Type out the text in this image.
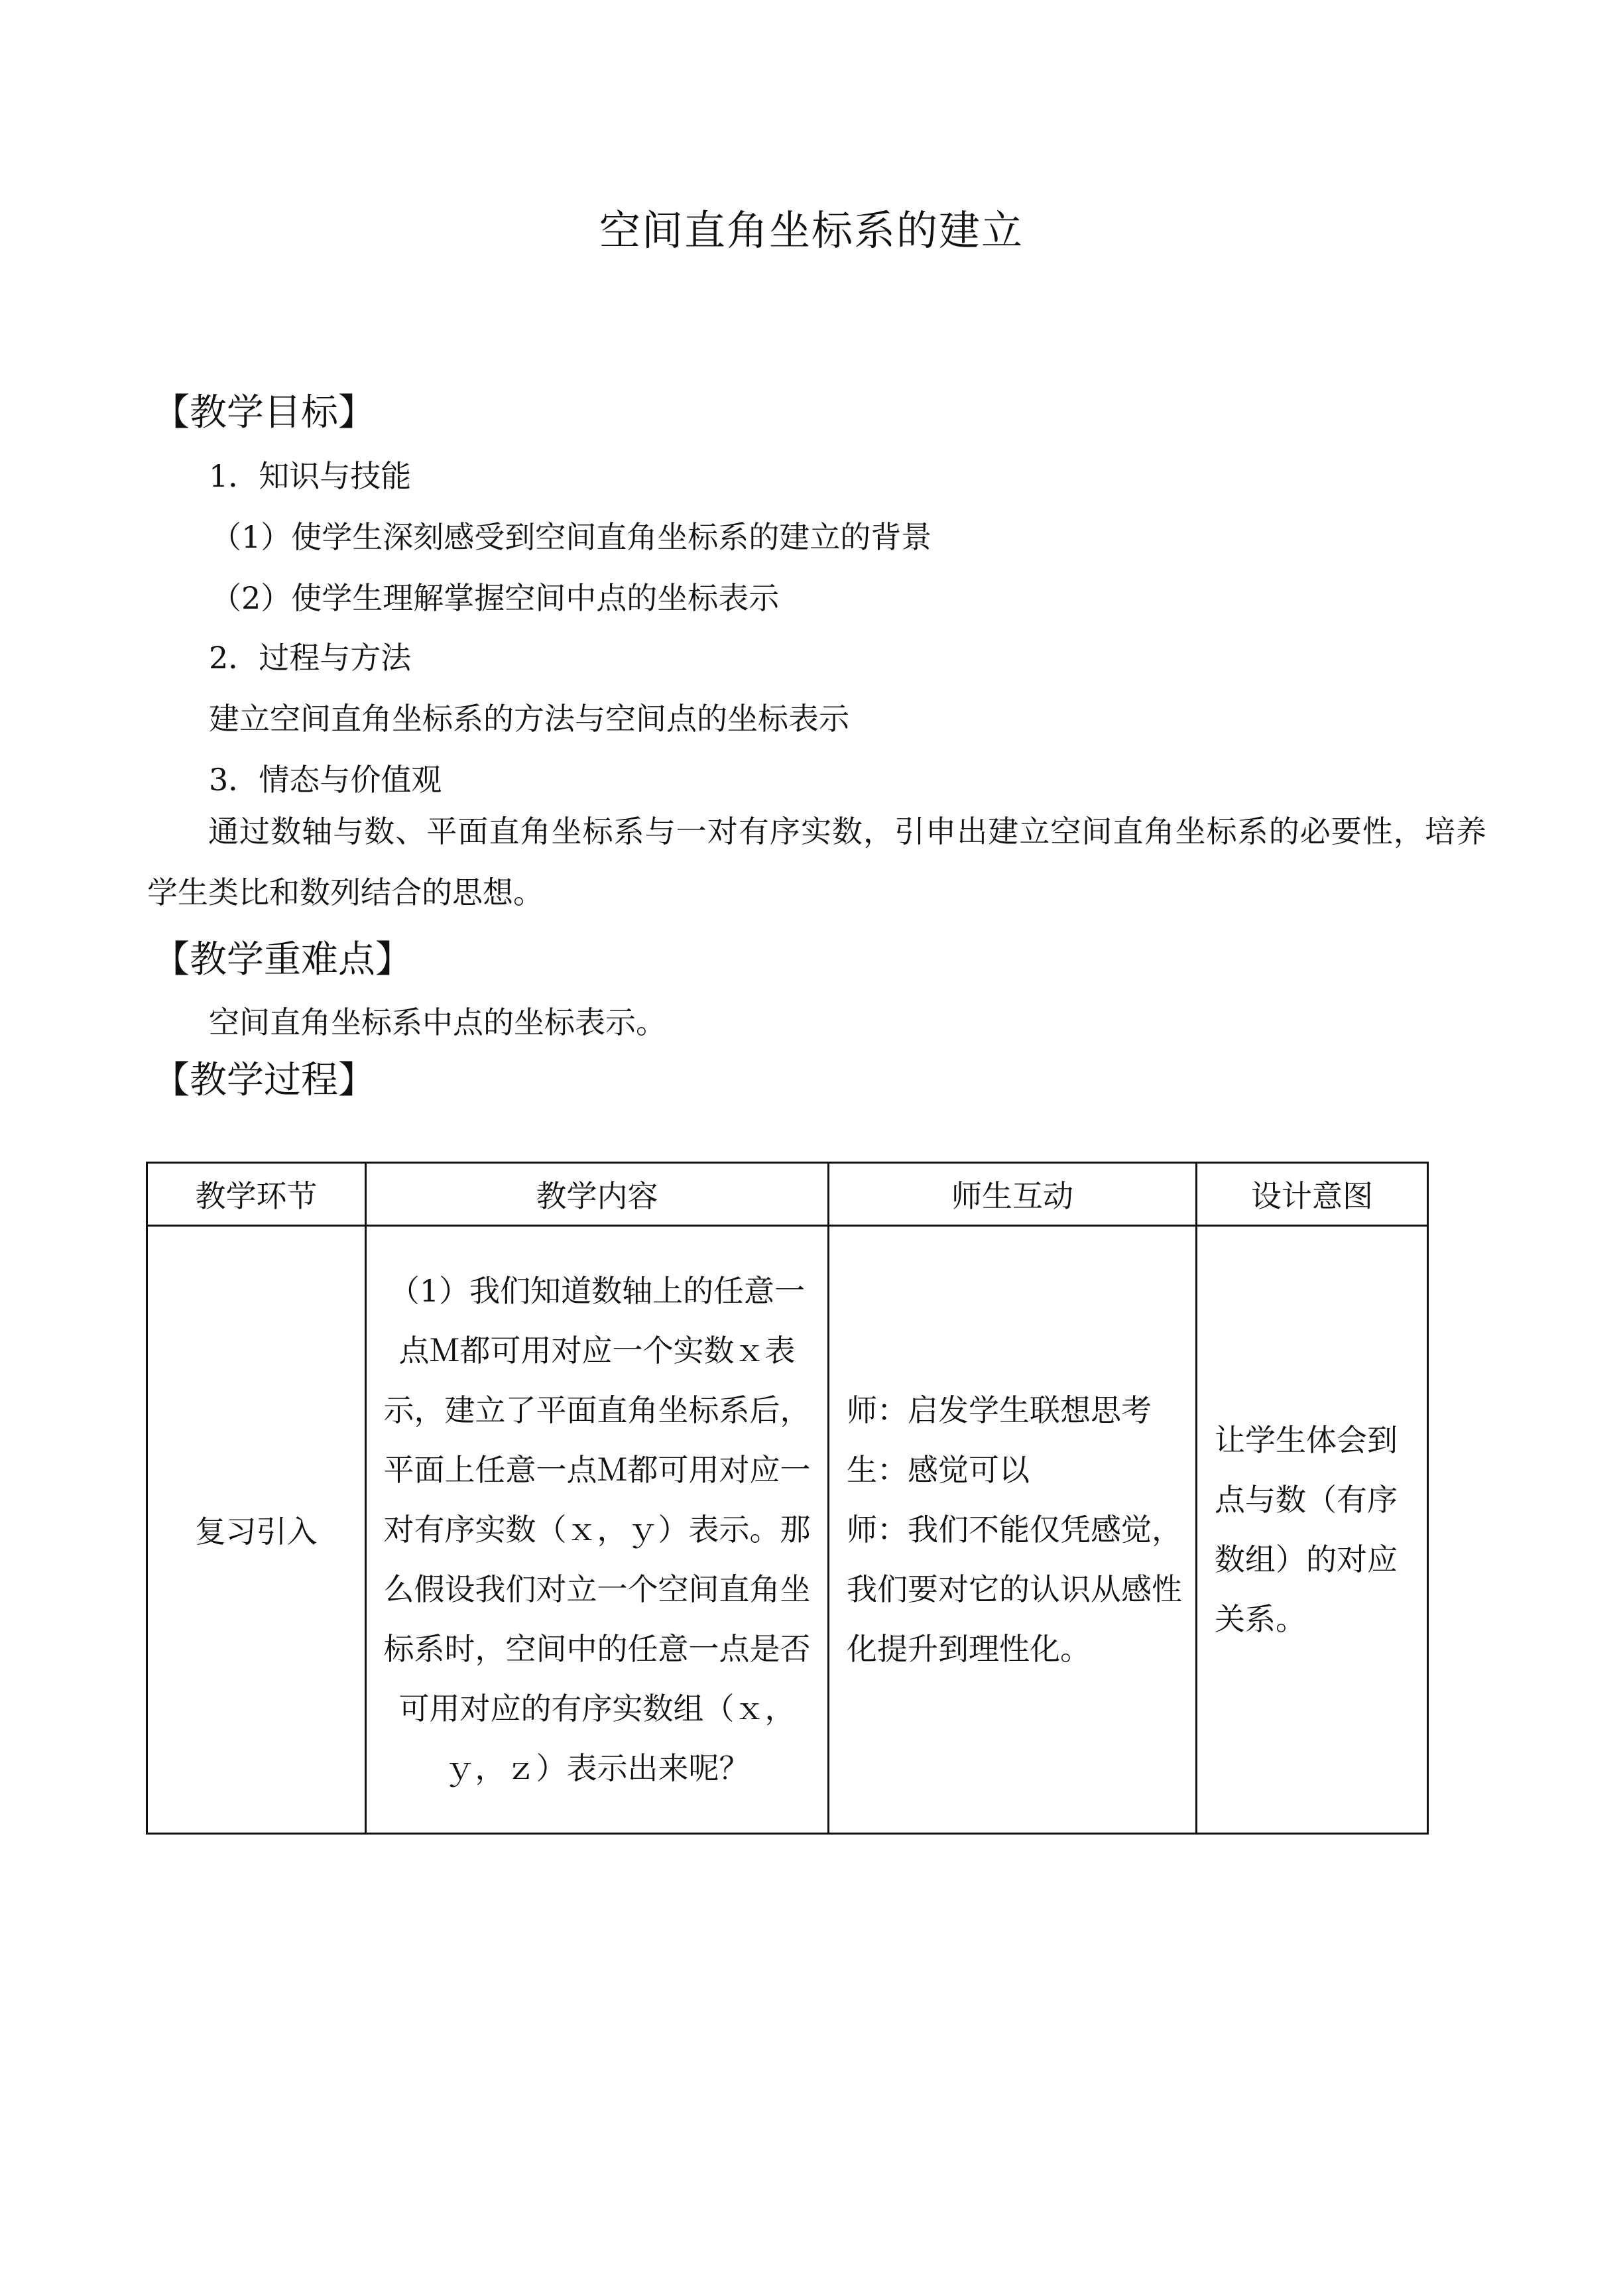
空间直角坐标系的建立
【教学目标】
1．知识与技能
（1）使学生深刻感受到空间直角坐标系的建立的背景
（2）使学生理解掌握空间中点的坐标表示
2．过程与方法
建立空间直角坐标系的方法与空间点的坐标表示
3．情态与价值观

通过数轴与数、平面直角坐标系与一对有序实数，引申出建立空间直角坐标系的必要性，培养学生类比和数列结合的思想。

【教学重难点】
空间直角坐标系中点的坐标表示。
【教学过程】
教学环节	教学内容	师生互动	设计意图
复习引入	（1）我们知道数轴上的任意一点Ｍ都可用对应一个实数ｘ表示，建立了平面直角坐标系后，平面上任意一点Ｍ都可用对应一对有序实数（ｘ，ｙ）表示。那么假设我们对立一个空间直角坐标系时，空间中的任意一点是否可用对应的有序实数组（ｘ，ｙ，ｚ）表示出来呢？	师：启发学生联想思考
生：感觉可以
师：我们不能仅凭感觉，我们要对它的认识从感性化提升到理性化。	让学生体会到点与数（有序数组）的对应关系。
